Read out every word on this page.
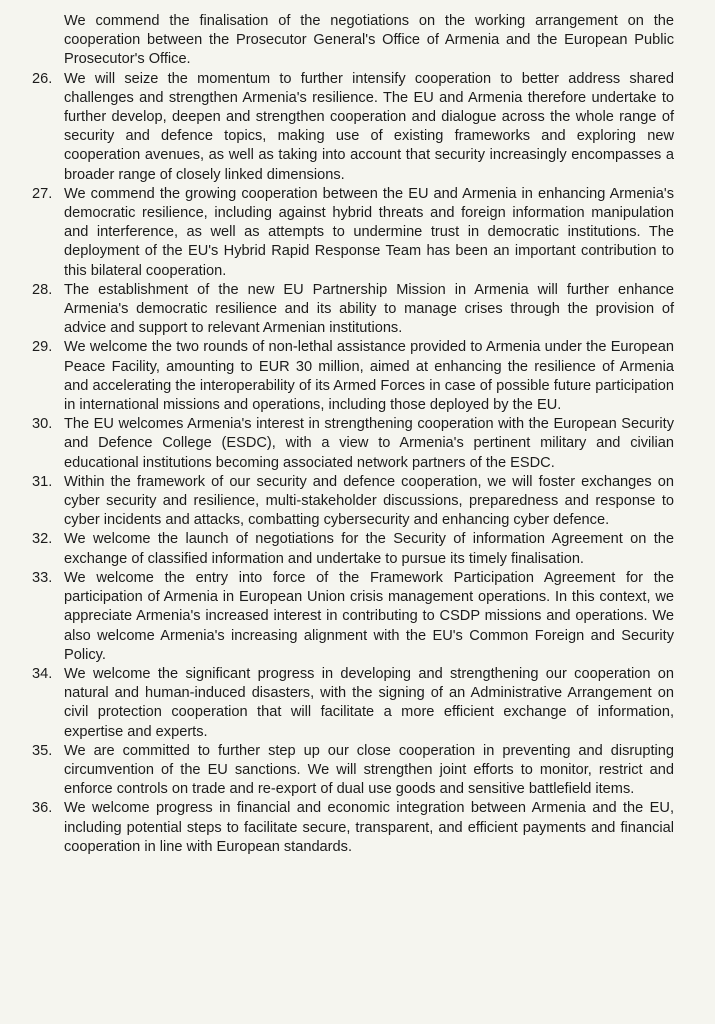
We commend the finalisation of the negotiations on the working arrangement on the cooperation between the Prosecutor General's Office of Armenia and the European Public Prosecutor's Office.

26. We will seize the momentum to further intensify cooperation to better address shared challenges and strengthen Armenia's resilience. The EU and Armenia therefore undertake to further develop, deepen and strengthen cooperation and dialogue across the whole range of security and defence topics, making use of existing frameworks and exploring new cooperation avenues, as well as taking into account that security increasingly encompasses a broader range of closely linked dimensions.
27. We commend the growing cooperation between the EU and Armenia in enhancing Armenia's democratic resilience, including against hybrid threats and foreign information manipulation and interference, as well as attempts to undermine trust in democratic institutions. The deployment of the EU's Hybrid Rapid Response Team has been an important contribution to this bilateral cooperation.
28. The establishment of the new EU Partnership Mission in Armenia will further enhance Armenia's democratic resilience and its ability to manage crises through the provision of advice and support to relevant Armenian institutions.
29. We welcome the two rounds of non-lethal assistance provided to Armenia under the European Peace Facility, amounting to EUR 30 million, aimed at enhancing the resilience of Armenia and accelerating the interoperability of its Armed Forces in case of possible future participation in international missions and operations, including those deployed by the EU.
30. The EU welcomes Armenia's interest in strengthening cooperation with the European Security and Defence College (ESDC), with a view to Armenia's pertinent military and civilian educational institutions becoming associated network partners of the ESDC.
31. Within the framework of our security and defence cooperation, we will foster exchanges on cyber security and resilience, multi-stakeholder discussions, preparedness and response to cyber incidents and attacks, combatting cybersecurity and enhancing cyber defence.
32. We welcome the launch of negotiations for the Security of information Agreement on the exchange of classified information and undertake to pursue its timely finalisation.
33. We welcome the entry into force of the Framework Participation Agreement for the participation of Armenia in European Union crisis management operations. In this context, we appreciate Armenia's increased interest in contributing to CSDP missions and operations. We also welcome Armenia's increasing alignment with the EU's Common Foreign and Security Policy.
34. We welcome the significant progress in developing and strengthening our cooperation on natural and human-induced disasters, with the signing of an Administrative Arrangement on civil protection cooperation that will facilitate a more efficient exchange of information, expertise and experts.
35. We are committed to further step up our close cooperation in preventing and disrupting circumvention of the EU sanctions. We will strengthen joint efforts to monitor, restrict and enforce controls on trade and re-export of dual use goods and sensitive battlefield items.
36. We welcome progress in financial and economic integration between Armenia and the EU, including potential steps to facilitate secure, transparent, and efficient payments and financial cooperation in line with European standards.
